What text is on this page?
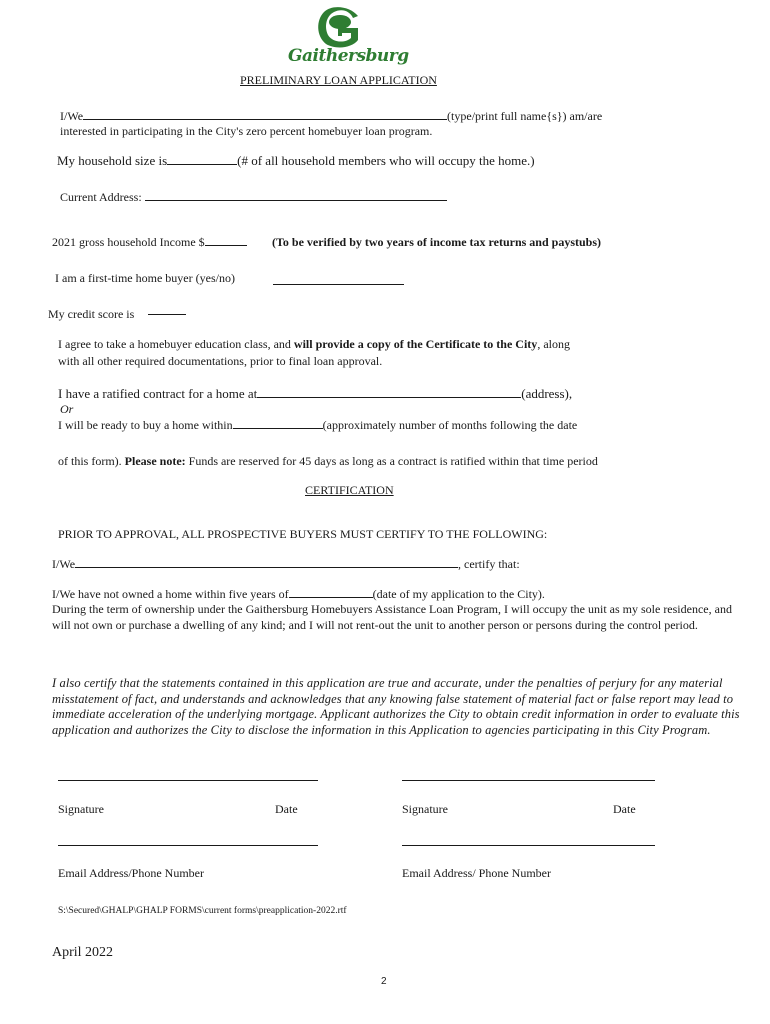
Gaithersburg
PRELIMINARY LOAN APPLICATION
I/We	(type/print full name{s}) am/are
interested in participating in the City's zero percent homebuyer loan program.
My household size is	(# of all household members who will occupy the home.)
Current Address:
2021 gross household Income $	(To be verified by two years of income tax returns and paystubs)
I am a first-time home buyer (yes/no)
My credit score is
I agree to take a homebuyer education class, and will provide a copy of the Certificate to the City, along
with all other required documentations, prior to final loan approval.
I have a ratified contract for a home at	(address),
Or
I will be ready to buy a home within	(approximately number of months following the date
of this form). Please note: Funds are reserved for 45 days as long as a contract is ratified within that time period
CERTIFICATION
PRIOR TO APPROVAL, ALL PROSPECTIVE BUYERS MUST CERTIFY TO THE FOLLOWING:
I/We	, certify that:
I/We have not owned a home within five years of	(date of my application to the City).
During the term of ownership under the Gaithersburg Homebuyers Assistance Loan Program, I will occupy the unit as my sole residence, and will not own or purchase a dwelling of any kind; and I will not rent-out the unit to another person or persons during the control period.
I also certify that the statements contained in this application are true and accurate, under the penalties of perjury for any material misstatement of fact, and understands and acknowledges that any knowing false statement of material fact or false report may lead to immediate acceleration of the underlying mortgage. Applicant authorizes the City to obtain credit information in order to evaluate this application and authorizes the City to disclose the information in this Application to agencies participating in this City Program.
Signature	Date	Signature	Date
Email Address/Phone Number	Email Address/ Phone Number
S:\Secured\GHALP\GHALP FORMS\current forms\preapplication-2022.rtf
April 2022
2
